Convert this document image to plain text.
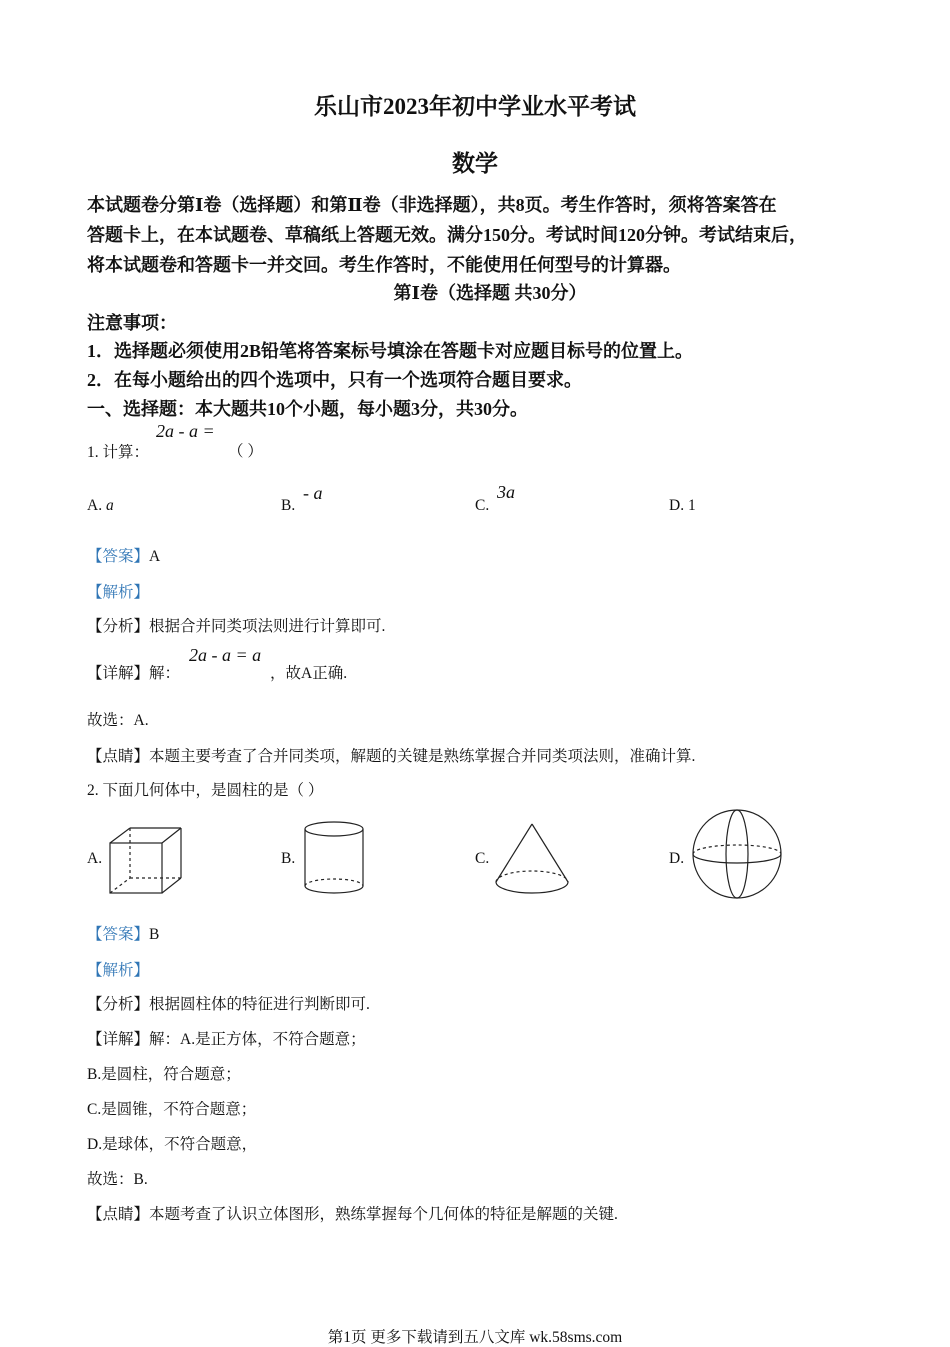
乐山市2023年初中学业水平考试
数学
本试题卷分第Ⅰ卷（选择题）和第Ⅱ卷（非选择题），共8页。考生作答时，须将答案答在
答题卡上，在本试题卷、草稿纸上答题无效。满分150分。考试时间120分钟。考试结束后，
将本试题卷和答题卡一并交回。考生作答时，不能使用任何型号的计算器。
第Ⅰ卷（选择题 共30分）
注意事项：
1．选择题必须使用2B铅笔将答案标号填涂在答题卡对应题目标号的位置上。
2．在每小题给出的四个选项中，只有一个选项符合题目要求。
一、选择题：本大题共10个小题，每小题3分，共30分。
1. 计算：
2a - a =
（ ）
A. a	B.
- a
C.
3a
D. 1
【答案】A
【解析】
【分析】根据合并同类项法则进行计算即可.
【详解】解：
2a - a = a
，故A正确.
故选：A.
【点睛】本题主要考查了合并同类项，解题的关键是熟练掌握合并同类项法则，准确计算.
2. 下面几何体中，是圆柱的是（ ）
A.	B.	C.	D.
【答案】B
【解析】
【分析】根据圆柱体的特征进行判断即可.
【详解】解：A.是正方体，不符合题意；
B.是圆柱，符合题意；
C.是圆锥，不符合题意；
D.是球体，不符合题意，
故选：B.
【点睛】本题考查了认识立体图形，熟练掌握每个几何体的特征是解题的关键.
第1页 更多下载请到五八文库 wk.58sms.com
